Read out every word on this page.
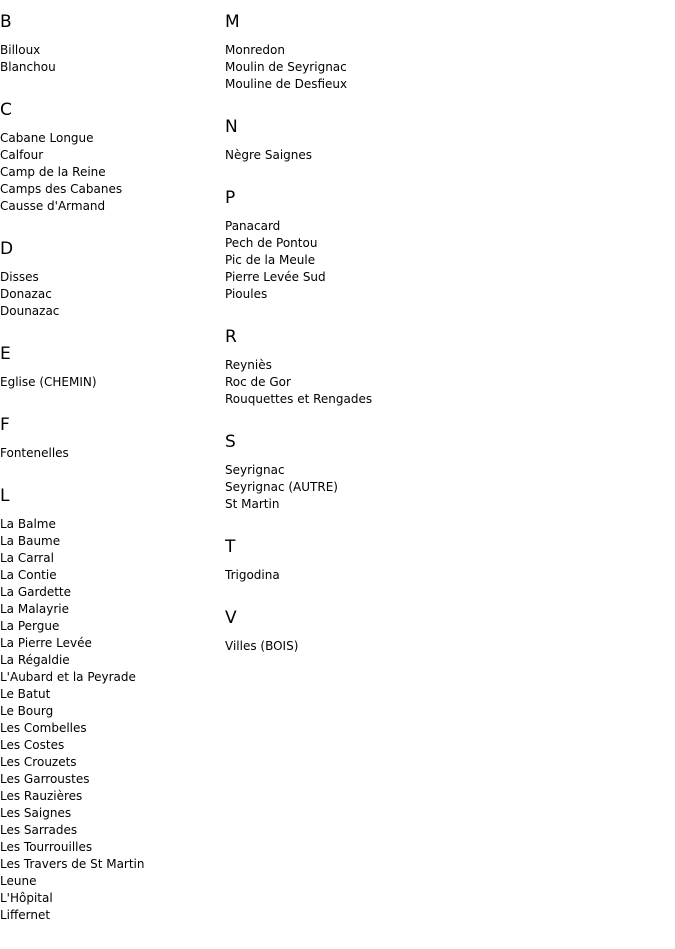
B
Billoux
Blanchou
C
Cabane Longue
Calfour
Camp de la Reine
Camps des Cabanes
Causse d'Armand
D
Disses
Donazac
Dounazac
E
Eglise (CHEMIN)
F
Fontenelles
L
La Balme
La Baume
La Carral
La Contie
La Gardette
La Malayrie
La Pergue
La Pierre Levée
La Régaldie
L'Aubard et la Peyrade
Le Batut
Le Bourg
Les Combelles
Les Costes
Les Crouzets
Les Garroustes
Les Rauzières
Les Saignes
Les Sarrades
Les Tourrouilles
Les Travers de St Martin
Leune
L'Hôpital
Liffernet
M
Monredon
Moulin de Seyrignac
Mouline de Desfieux
N
Nègre Saignes
P
Panacard
Pech de Pontou
Pic de la Meule
Pierre Levée Sud
Pioules
R
Reyniès
Roc de Gor
Rouquettes et Rengades
S
Seyrignac
Seyrignac (AUTRE)
St Martin
T
Trigodina
V
Villes (BOIS)
